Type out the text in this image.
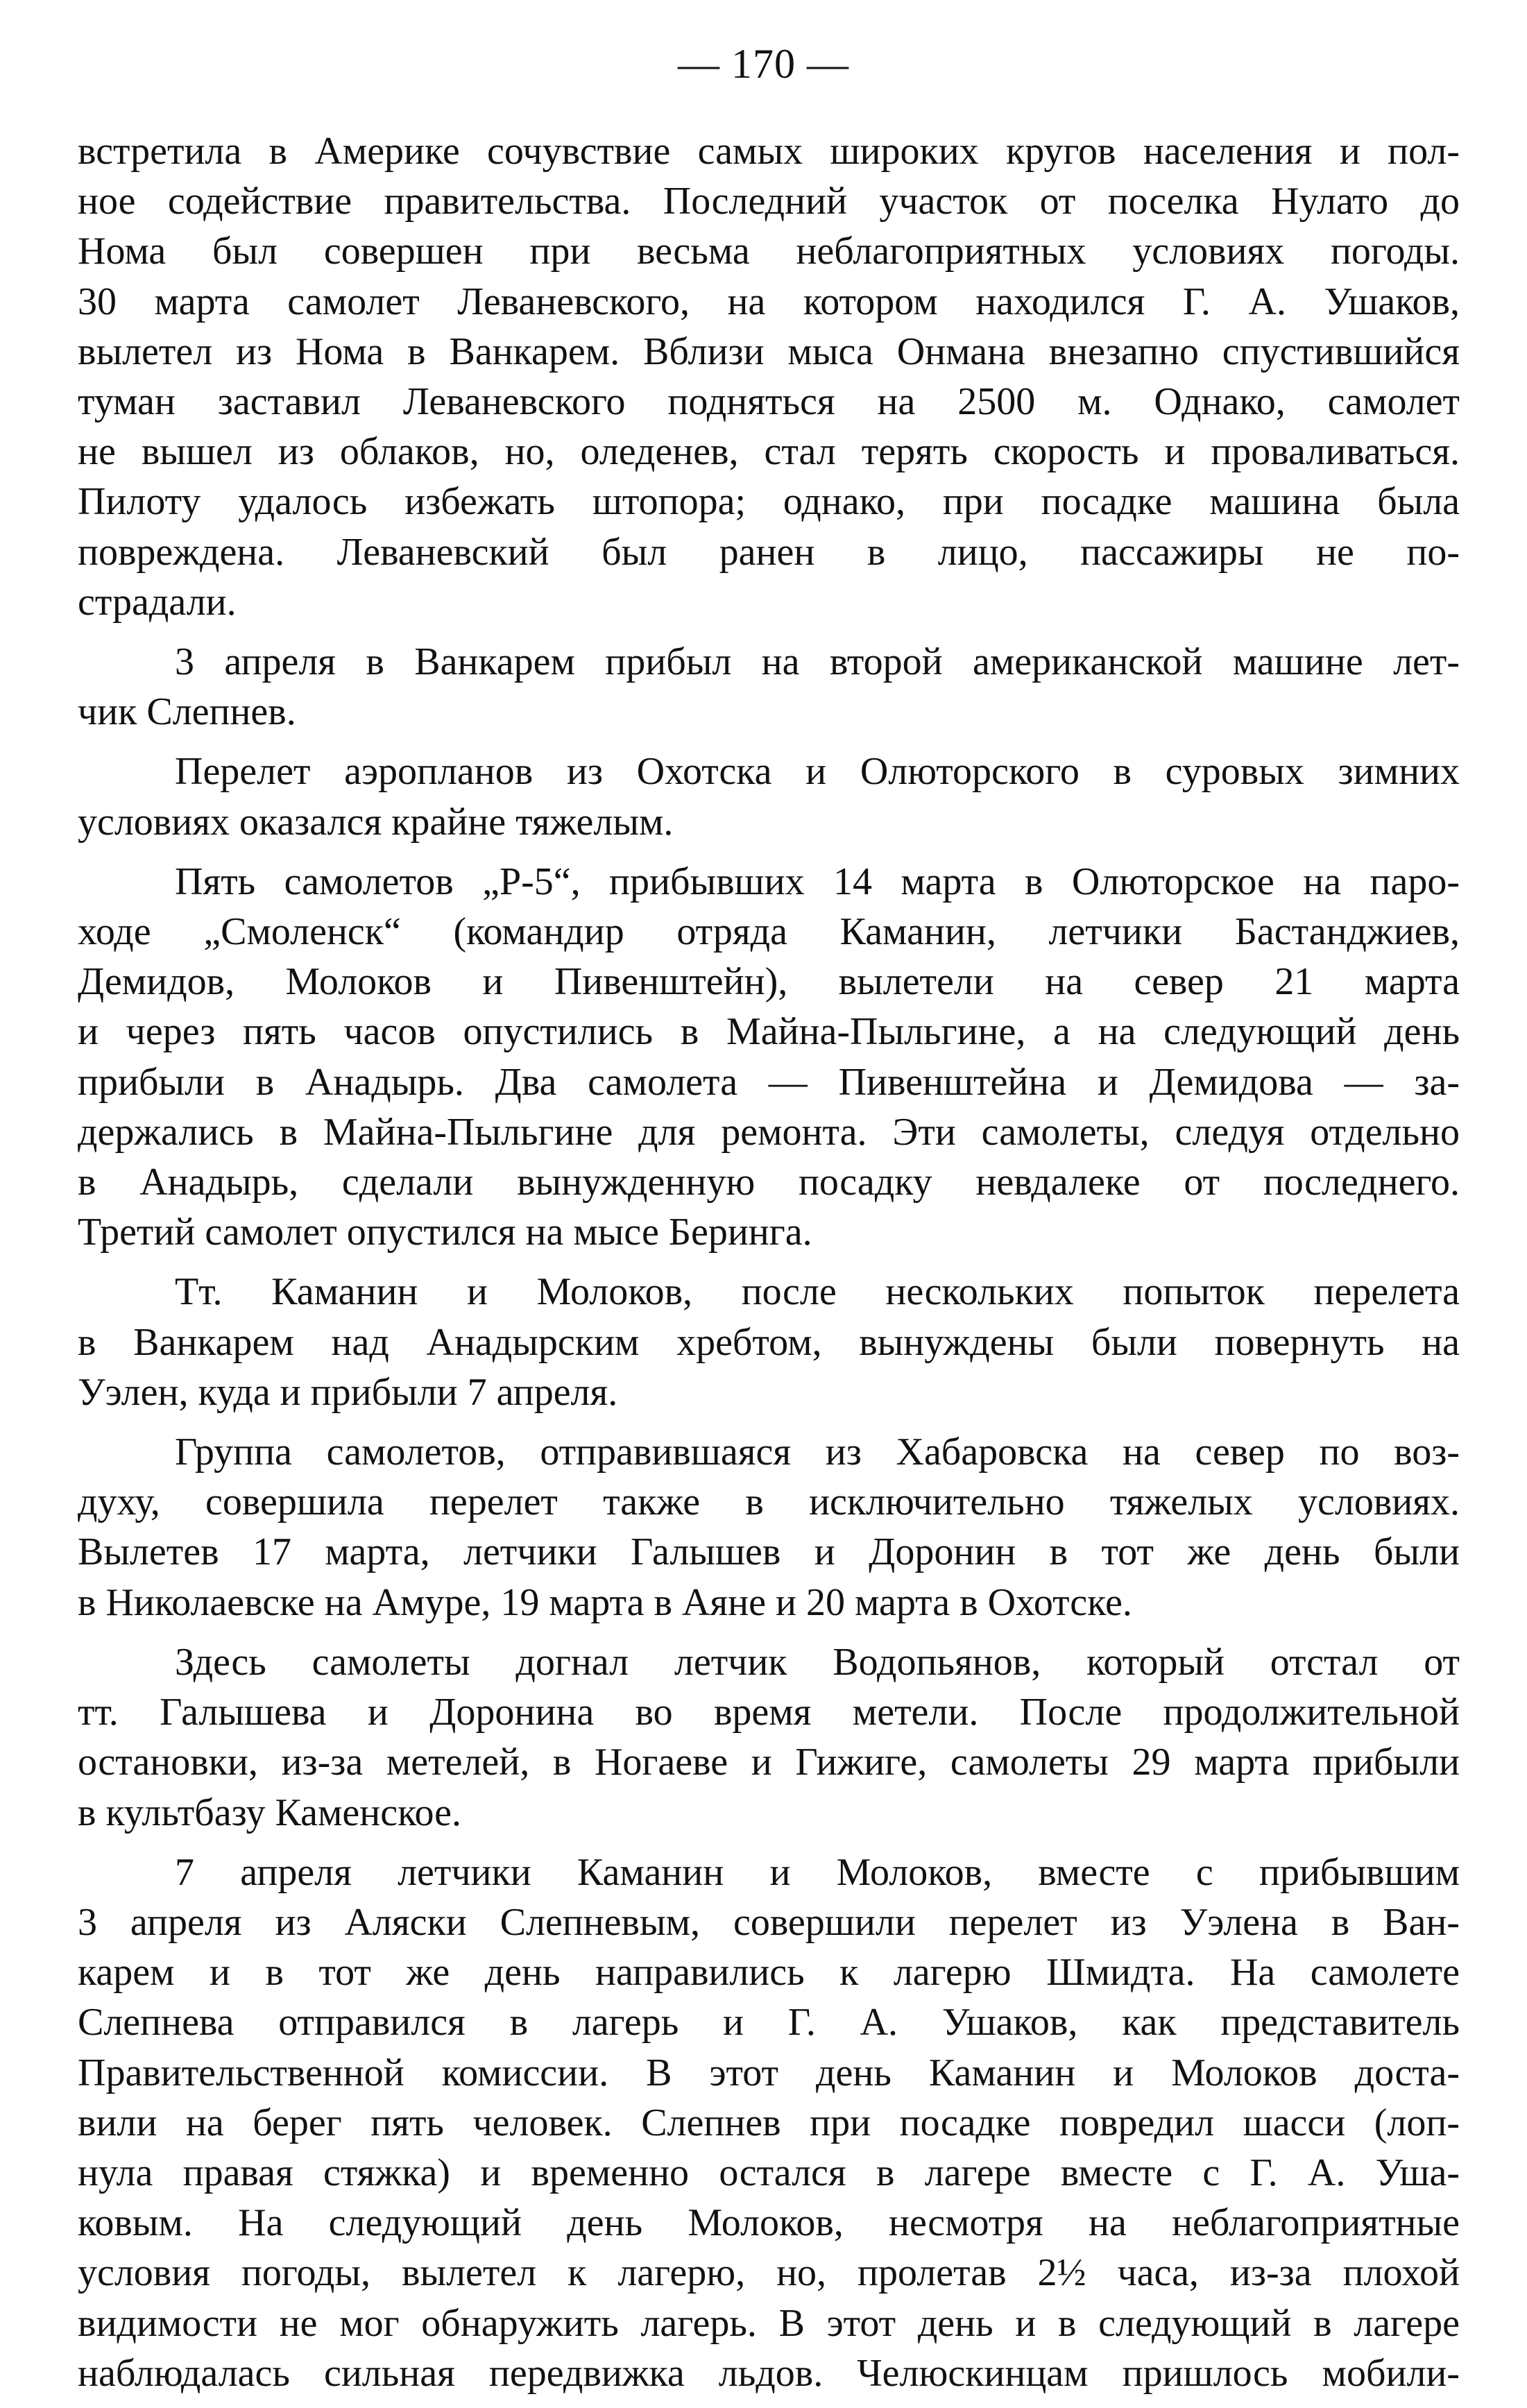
— 170 —
встретила в Америке сочувствие самых широких кругов населения и пол-
ное содействие правительства. Последний участок от поселка Нулато до
Нома был совершен при весьма неблагоприятных условиях погоды.
30 марта самолет Леваневского, на котором находился Г. А. Ушаков,
вылетел из Нома в Ванкарем. Вблизи мыса Онмана внезапно спустившийся
туман заставил Леваневского подняться на 2500 м. Однако, самолет
не вышел из облаков, но, оледенев, стал терять скорость и проваливаться.
Пилоту удалось избежать штопора; однако, при посадке машина была
повреждена. Леваневский был ранен в лицо, пассажиры не по-
страдали.
3 апреля в Ванкарем прибыл на второй американской машине лет-
чик Слепнев.
Перелет аэропланов из Охотска и Олюторского в суровых зимних
условиях оказался крайне тяжелым.
Пять самолетов „Р-5“, прибывших 14 марта в Олюторское на паро-
ходе „Смоленск“ (командир отряда Каманин, летчики Бастанджиев,
Демидов, Молоков и Пивенштейн), вылетели на север 21 марта
и через пять часов опустились в Майна-Пыльгине, а на следующий день
прибыли в Анадырь. Два самолета — Пивенштейна и Демидова — за-
держались в Майна-Пыльгине для ремонта. Эти самолеты, следуя отдельно
в Анадырь, сделали вынужденную посадку невдалеке от последнего.
Третий самолет опустился на мысе Беринга.
Тт. Каманин и Молоков, после нескольких попыток перелета
в Ванкарем над Анадырским хребтом, вынуждены были повернуть на
Уэлен, куда и прибыли 7 апреля.
Группа самолетов, отправившаяся из Хабаровска на север по воз-
духу, совершила перелет также в исключительно тяжелых условиях.
Вылетев 17 марта, летчики Галышев и Доронин в тот же день были
в Николаевске на Амуре, 19 марта в Аяне и 20 марта в Охотске.
Здесь самолеты догнал летчик Водопьянов, который отстал от
тт. Галышева и Доронина во время метели. После продолжительной
остановки, из-за метелей, в Ногаеве и Гижиге, самолеты 29 марта прибыли
в культбазу Каменское.
7 апреля летчики Каманин и Молоков, вместе с прибывшим
3 апреля из Аляски Слепневым, совершили перелет из Уэлена в Ван-
карем и в тот же день направились к лагерю Шмидта. На самолете
Слепнева отправился в лагерь и Г. А. Ушаков, как представитель
Правительственной комиссии. В этот день Каманин и Молоков доста-
вили на берег пять человек. Слепнев при посадке повредил шасси (лоп-
нула правая стяжка) и временно остался в лагере вместе с Г. А. Уша-
ковым. На следующий день Молоков, несмотря на неблагоприятные
условия погоды, вылетел к лагерю, но, пролетав 2½ часа, из-за плохой
видимости не мог обнаружить лагерь. В этот день и в следующий в лагере
наблюдалась сильная передвижка льдов. Челюскинцам пришлось мобили-
